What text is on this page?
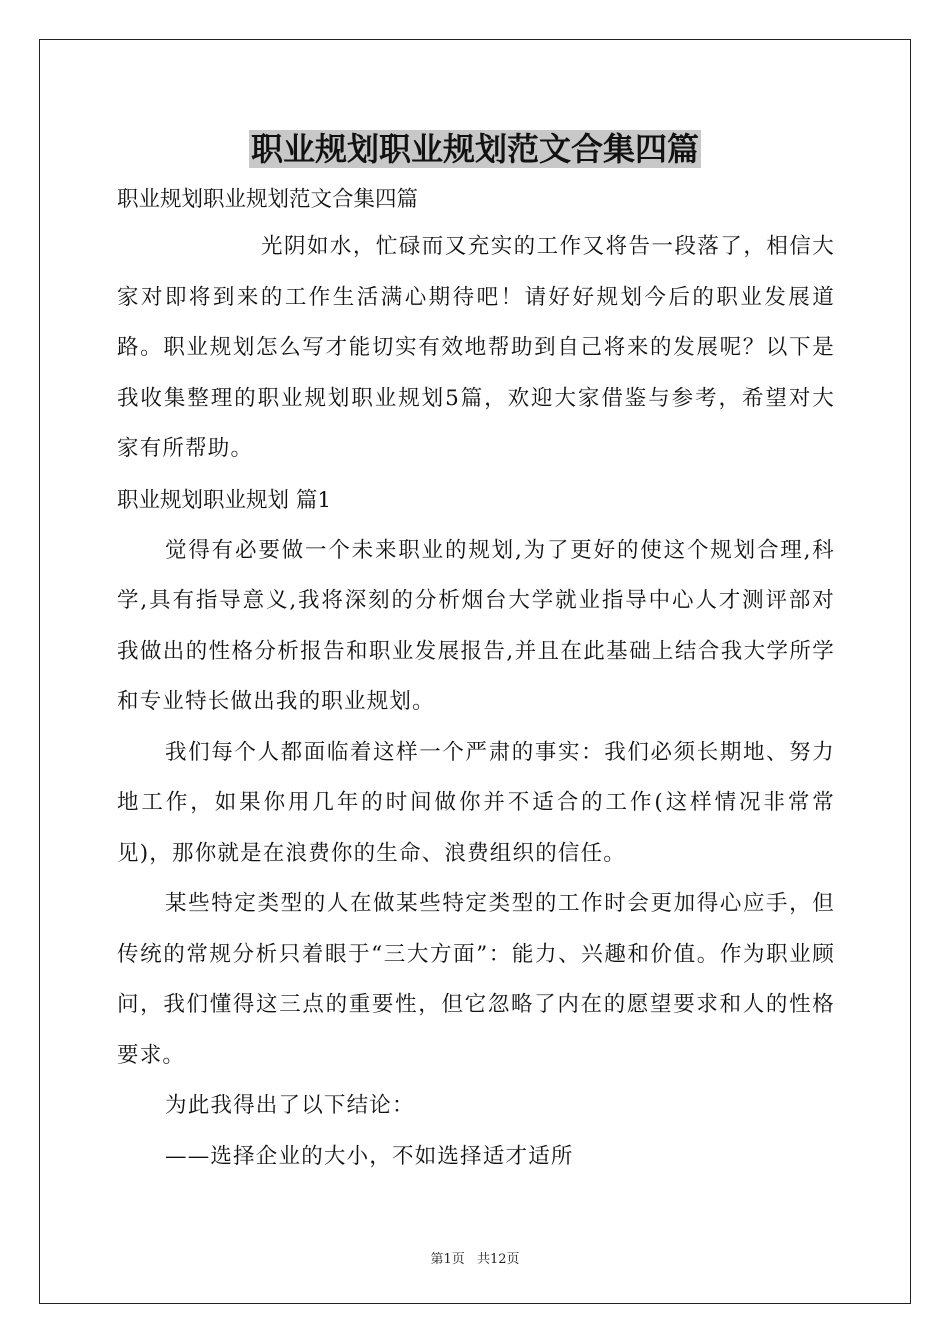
职业规划职业规划范文合集四篇
职业规划职业规划范文合集四篇
光阴如水，忙碌而又充实的工作又将告一段落了，相信大家对即将到来的工作生活满心期待吧！请好好规划今后的职业发展道路。职业规划怎么写才能切实有效地帮助到自己将来的发展呢？以下是我收集整理的职业规划职业规划5篇，欢迎大家借鉴与参考，希望对大家有所帮助。
职业规划职业规划 篇1
觉得有必要做一个未来职业的规划,为了更好的使这个规划合理,科学,具有指导意义,我将深刻的分析烟台大学就业指导中心人才测评部对我做出的性格分析报告和职业发展报告,并且在此基础上结合我大学所学和专业特长做出我的职业规划。
我们每个人都面临着这样一个严肃的事实：我们必须长期地、努力地工作，如果你用几年的时间做你并不适合的工作(这样情况非常常见)，那你就是在浪费你的生命、浪费组织的信任。
某些特定类型的人在做某些特定类型的工作时会更加得心应手，但传统的常规分析只着眼于“三大方面”：能力、兴趣和价值。作为职业顾问，我们懂得这三点的重要性，但它忽略了内在的愿望要求和人的性格要求。
为此我得出了以下结论：
——选择企业的大小，不如选择适才适所
第1页 共12页
